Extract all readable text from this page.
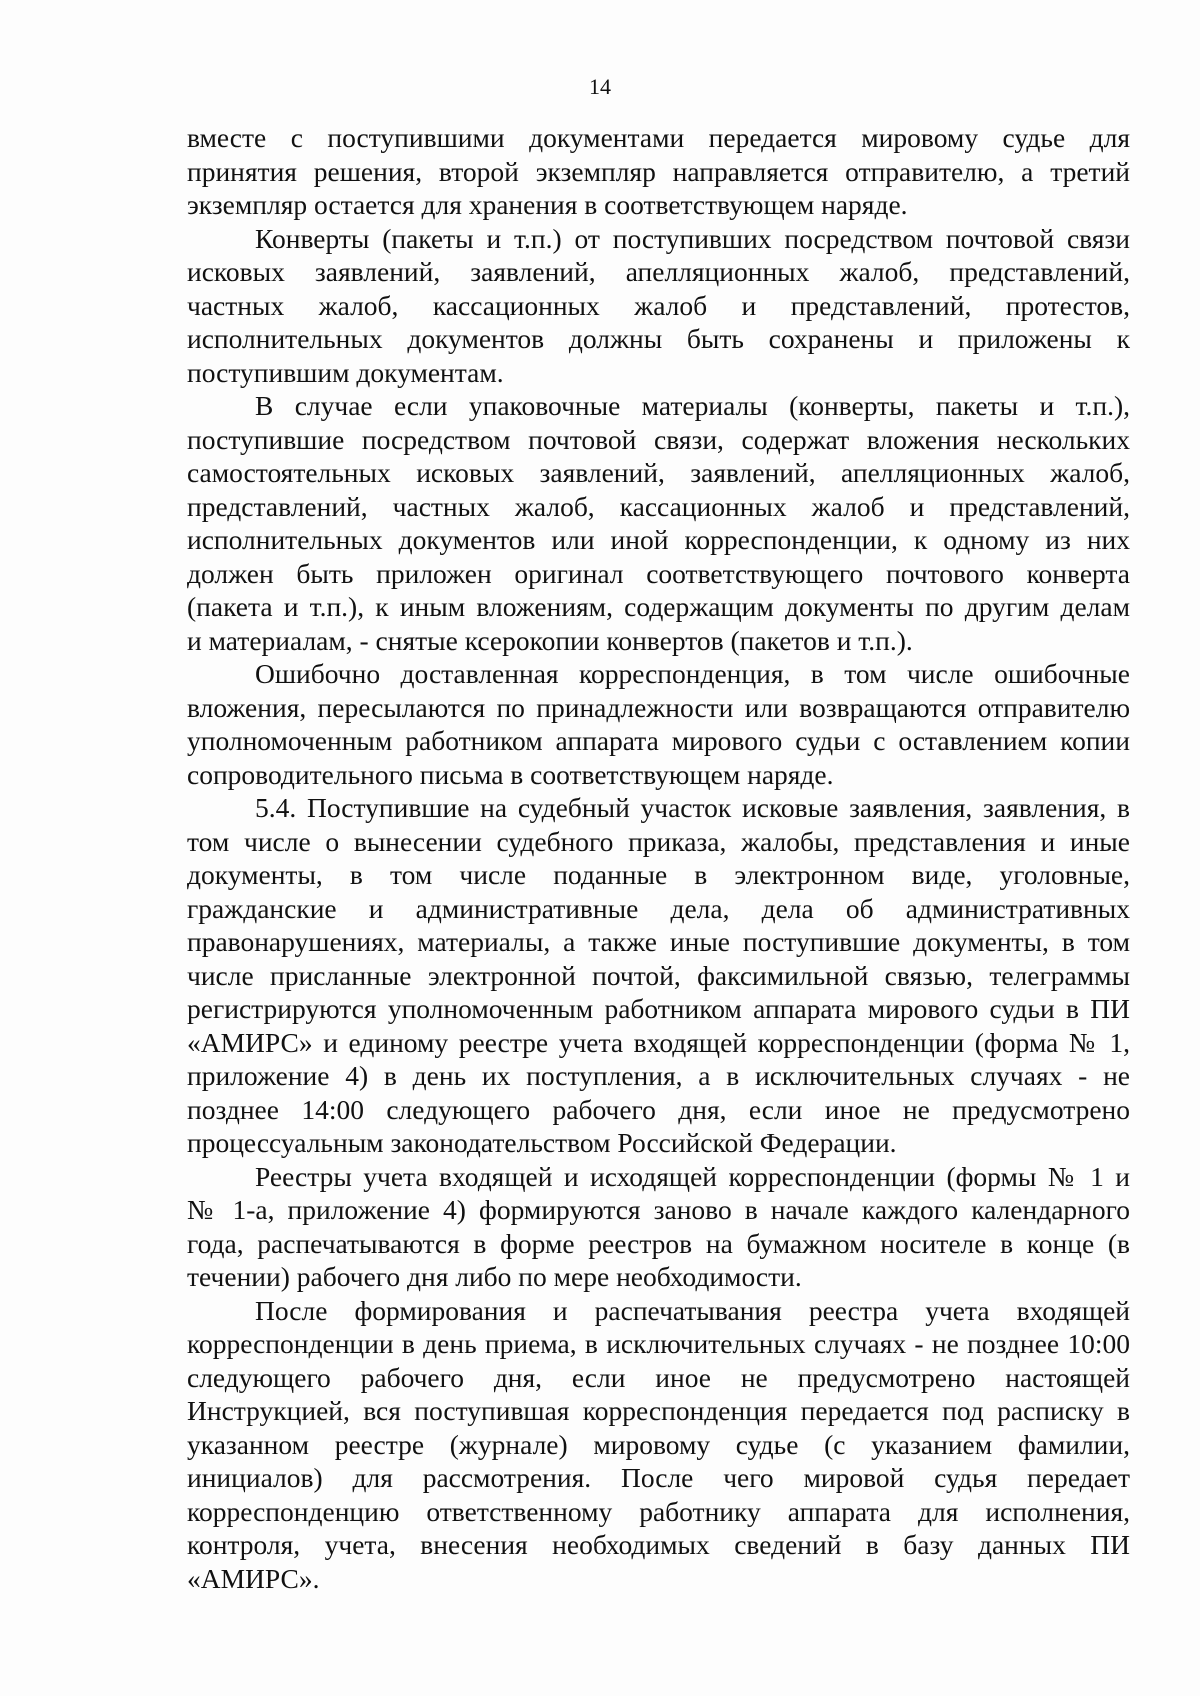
14
вместе с поступившими документами передается мировому судье для
принятия решения, второй экземпляр направляется отправителю, а третий
экземпляр остается для хранения в соответствующем наряде.
Конверты (пакеты и т.п.) от поступивших посредством почтовой связи
исковых заявлений, заявлений, апелляционных жалоб, представлений,
частных жалоб, кассационных жалоб и представлений, протестов,
исполнительных документов должны быть сохранены и приложены к
поступившим документам.
В случае если упаковочные материалы (конверты, пакеты и т.п.),
поступившие посредством почтовой связи, содержат вложения нескольких
самостоятельных исковых заявлений, заявлений, апелляционных жалоб,
представлений, частных жалоб, кассационных жалоб и представлений,
исполнительных документов или иной корреспонденции, к одному из них
должен быть приложен оригинал соответствующего почтового конверта
(пакета и т.п.), к иным вложениям, содержащим документы по другим делам
и материалам, - снятые ксерокопии конвертов (пакетов и т.п.).
Ошибочно доставленная корреспонденция, в том числе ошибочные
вложения, пересылаются по принадлежности или возвращаются отправителю
уполномоченным работником аппарата мирового судьи с оставлением копии
сопроводительного письма в соответствующем наряде.
5.4. Поступившие на судебный участок исковые заявления, заявления, в
том числе о вынесении судебного приказа, жалобы, представления и иные
документы, в том числе поданные в электронном виде, уголовные,
гражданские и административные дела, дела об административных
правонарушениях, материалы, а также иные поступившие документы, в том
числе присланные электронной почтой, факсимильной связью, телеграммы
регистрируются уполномоченным работником аппарата мирового судьи в ПИ
«АМИРС» и единому реестре учета входящей корреспонденции (форма № 1,
приложение 4) в день их поступления, а в исключительных случаях - не
позднее 14:00 следующего рабочего дня, если иное не предусмотрено
процессуальным законодательством Российской Федерации.
Реестры учета входящей и исходящей корреспонденции (формы № 1 и
№ 1-а, приложение 4) формируются заново в начале каждого календарного
года, распечатываются в форме реестров на бумажном носителе в конце (в
течении) рабочего дня либо по мере необходимости.
После формирования и распечатывания реестра учета входящей
корреспонденции в день приема, в исключительных случаях - не позднее 10:00
следующего рабочего дня, если иное не предусмотрено настоящей
Инструкцией, вся поступившая корреспонденция передается под расписку в
указанном реестре (журнале) мировому судье (с указанием фамилии,
инициалов) для рассмотрения. После чего мировой судья передает
корреспонденцию ответственному работнику аппарата для исполнения,
контроля, учета, внесения необходимых сведений в базу данных ПИ
«АМИРС».
